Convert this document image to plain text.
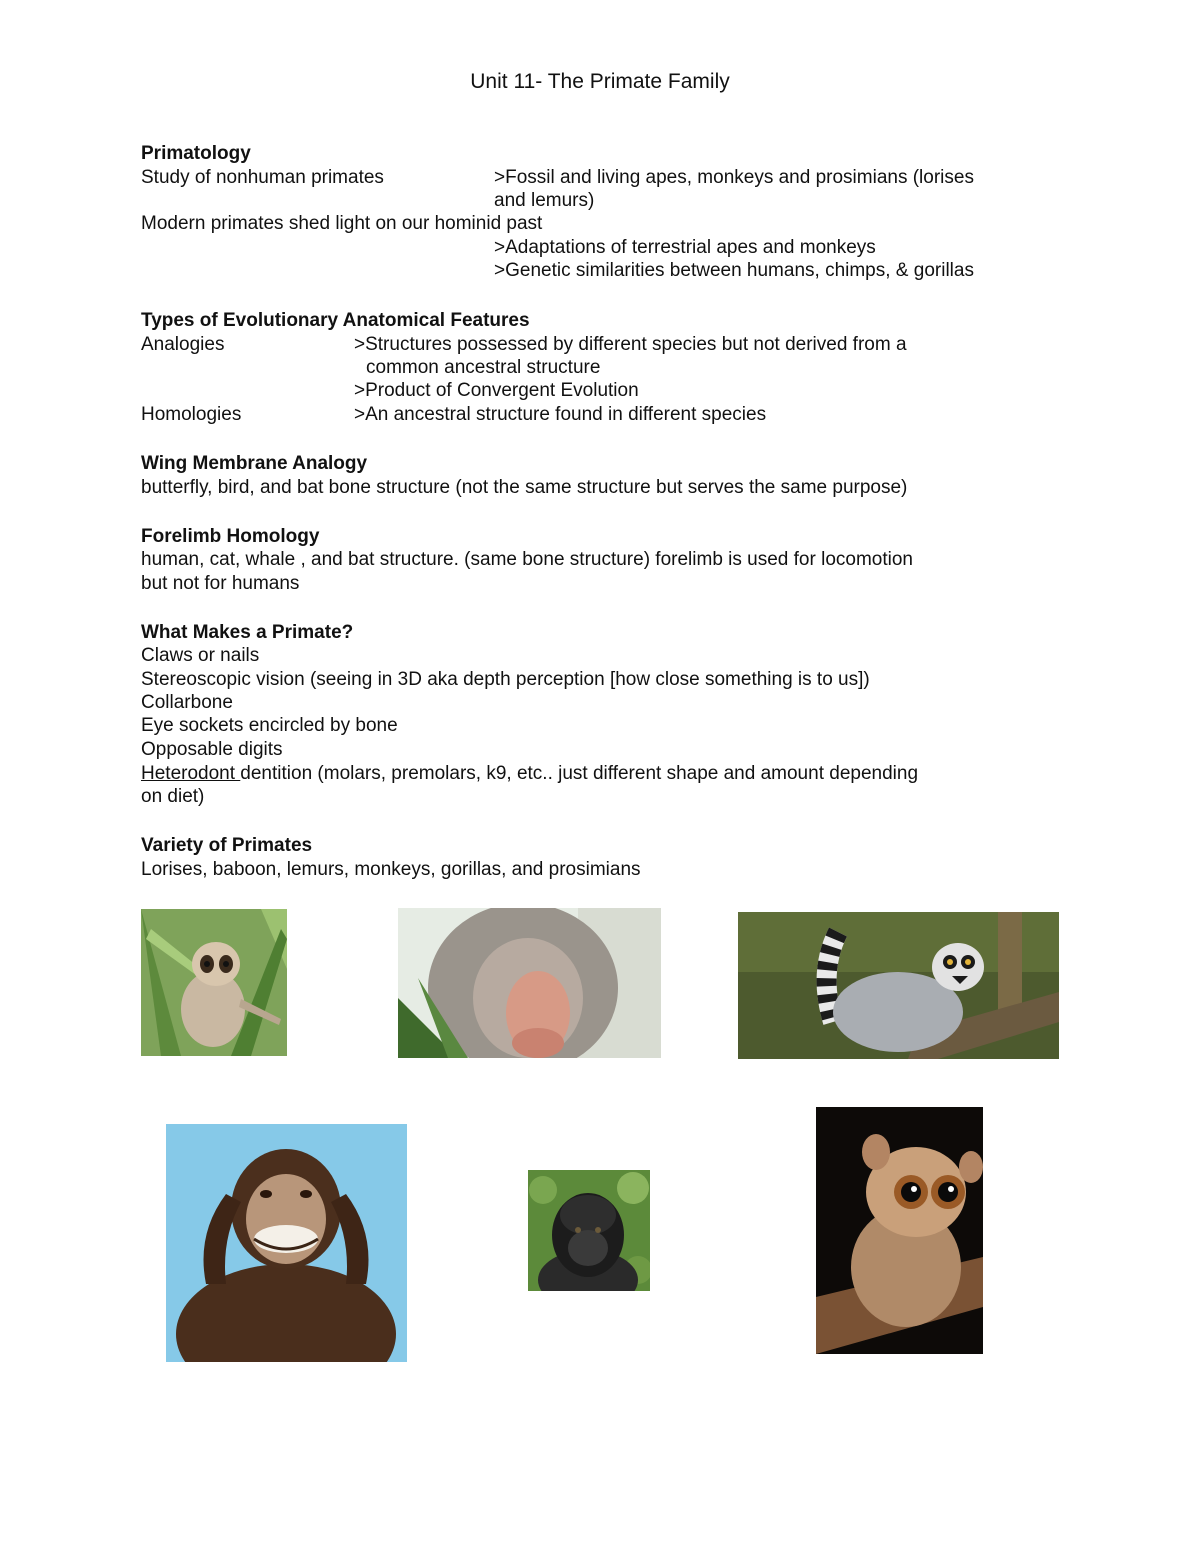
Unit 11- The Primate Family
Primatology
Study of nonhuman primates	>Fossil and living apes, monkeys and prosimians (lorises
and lemurs)
Modern primates shed light on our hominid past
>Adaptations of terrestrial apes and monkeys
>Genetic similarities between humans, chimps, & gorillas
Types of Evolutionary Anatomical Features
Analogies	>Structures possessed by different species but not derived from a
common ancestral structure
>Product of Convergent Evolution
Homologies	>An ancestral structure found in different species
Wing Membrane Analogy
butterfly, bird, and bat bone structure (not the same structure but serves the same purpose)
Forelimb Homology
human, cat, whale , and bat structure. (same bone structure) forelimb is used for locomotion
but not for humans
What Makes a Primate?
Claws or nails
Stereoscopic vision (seeing in 3D aka depth perception [how close something is to us])
Collarbone
Eye sockets encircled by bone
Opposable digits
Heterodont dentition (molars, premolars, k9, etc.. just different shape and amount depending
on diet)
Variety of Primates
Lorises, baboon, lemurs, monkeys, gorillas, and prosimians
